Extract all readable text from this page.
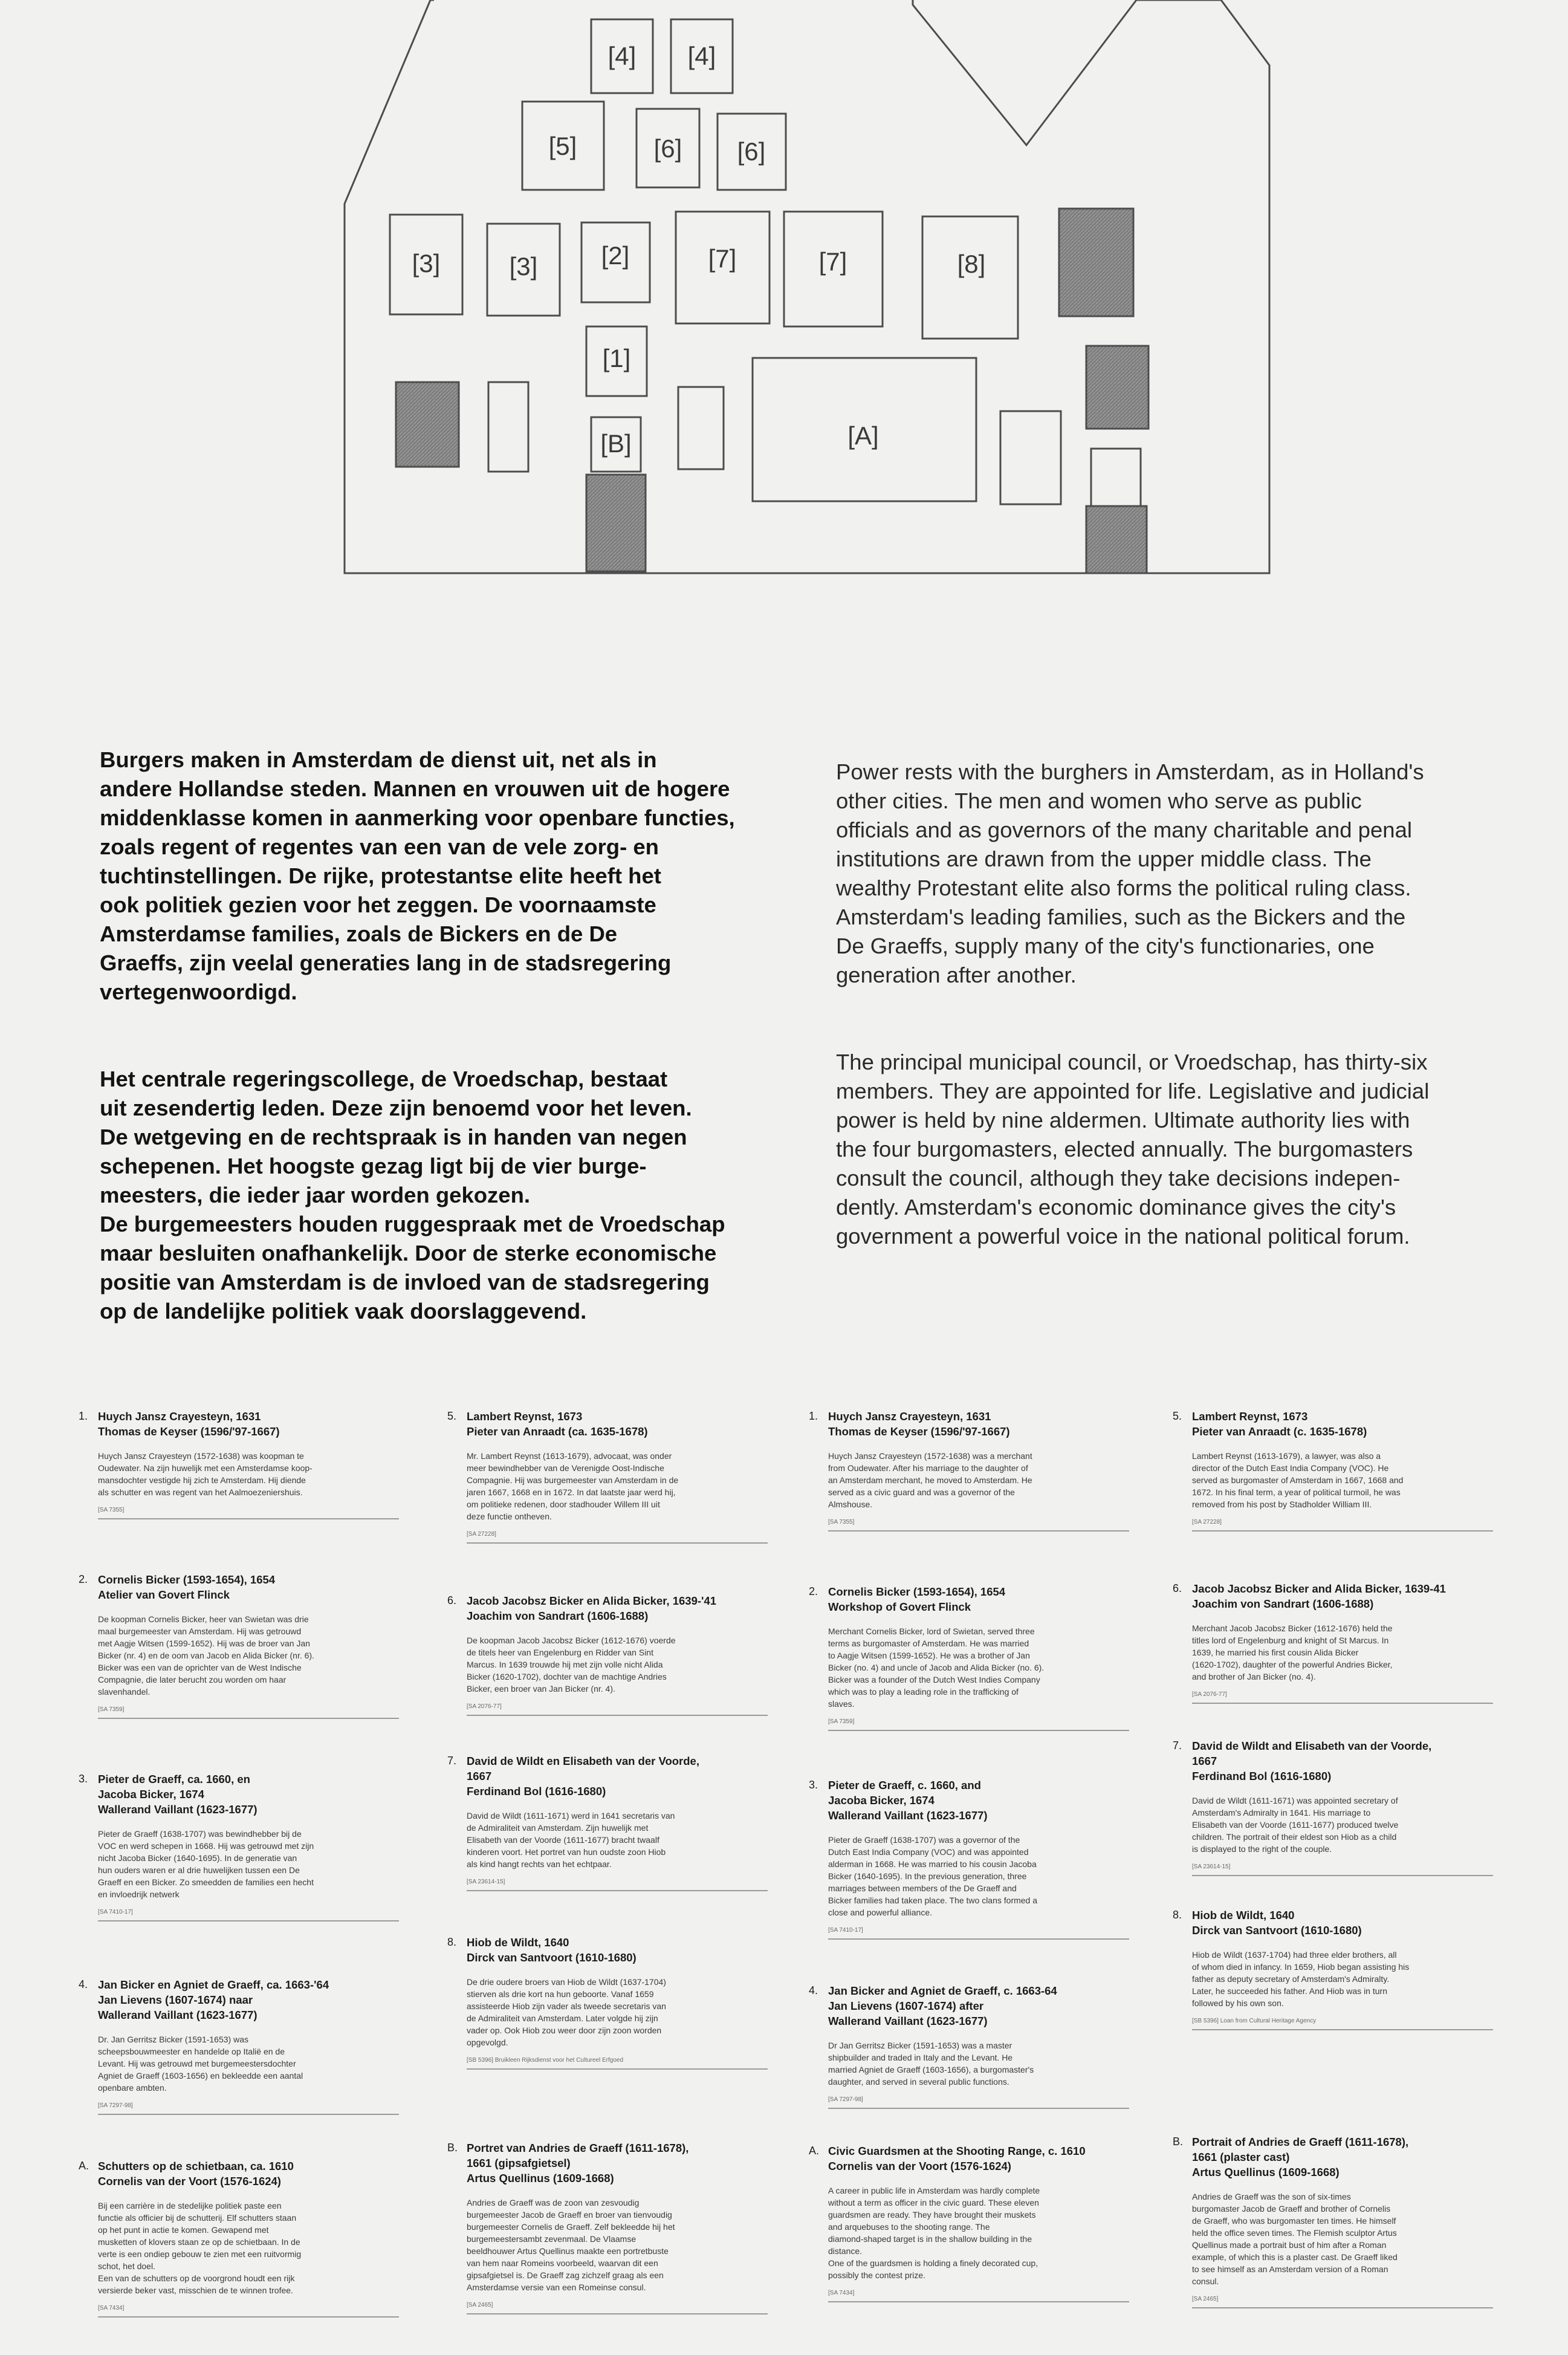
[4] [4]
[5]	[6] [6]
[3]	[3]	[2]	[7]	[7]	[8]
[1]
[B]	[A]

Burgers maken in Amsterdam de dienst uit, net als in
andere Hollandse steden. Mannen en vrouwen uit de hogere
middenklasse komen in aanmerking voor openbare functies,
zoals regent of regentes van een van de vele zorg- en
tuchtinstellingen. De rijke, protestantse elite heeft het
ook politiek gezien voor het zeggen. De voornaamste
Amsterdamse families, zoals de Bickers en de De
Graeffs, zijn veelal generaties lang in de stadsregering
vertegenwoordigd.

Het centrale regeringscollege, de Vroedschap, bestaat
uit zesendertig leden. Deze zijn benoemd voor het leven.
De wetgeving en de rechtspraak is in handen van negen
schepenen. Het hoogste gezag ligt bij de vier burge-
meesters, die ieder jaar worden gekozen.
De burgemeesters houden ruggespraak met de Vroedschap
maar besluiten onafhankelijk. Door de sterke economische
positie van Amsterdam is de invloed van de stadsregering
op de landelijke politiek vaak doorslaggevend.

Power rests with the burghers in Amsterdam, as in Holland's
other cities. The men and women who serve as public
officials and as governors of the many charitable and penal
institutions are drawn from the upper middle class. The
wealthy Protestant elite also forms the political ruling class.
Amsterdam's leading families, such as the Bickers and the
De Graeffs, supply many of the city's functionaries, one
generation after another.

The principal municipal council, or Vroedschap, has thirty-six
members. They are appointed for life. Legislative and judicial
power is held by nine aldermen. Ultimate authority lies with
the four burgomasters, elected annually. The burgomasters
consult the council, although they take decisions indepen-
dently. Amsterdam's economic dominance gives the city's
government a powerful voice in the national political forum.

1. Huych Jansz Crayesteyn, 1631
Thomas de Keyser (1596/'97-1667)
Huych Jansz Crayesteyn (1572-1638) was koopman te
Oudewater. Na zijn huwelijk met een Amsterdamse koop-
mansdochter vestigde hij zich te Amsterdam. Hij diende
als schutter en was regent van het Aalmoezeniershuis.
[SA 7355]
2. Cornelis Bicker (1593-1654), 1654
Atelier van Govert Flinck
De koopman Cornelis Bicker, heer van Swietan was drie
maal burgemeester van Amsterdam. Hij was getrouwd
met Aagje Witsen (1599-1652). Hij was de broer van Jan
Bicker (nr. 4) en de oom van Jacob en Alida Bicker (nr. 6).
Bicker was een van de oprichter van de West Indische
Compagnie, die later berucht zou worden om haar
slavenhandel.
[SA 7359]
3. Pieter de Graeff, ca. 1660, en
Jacoba Bicker, 1674
Wallerand Vaillant (1623-1677)
Pieter de Graeff (1638-1707) was bewindhebber bij de
VOC en werd schepen in 1668. Hij was getrouwd met zijn
nicht Jacoba Bicker (1640-1695). In de generatie van
hun ouders waren er al drie huwelijken tussen een De
Graeff en een Bicker. Zo smeedden de families een hecht
en invloedrijk netwerk
[SA 7410-17]
4. Jan Bicker en Agniet de Graeff, ca. 1663-'64
Jan Lievens (1607-1674) naar
Wallerand Vaillant (1623-1677)
Dr. Jan Gerritsz Bicker (1591-1653) was
scheepsbouwmeester en handelde op Italië en de
Levant. Hij was getrouwd met burgemeestersdochter
Agniet de Graeff (1603-1656) en bekleedde een aantal
openbare ambten.
[SA 7297-98]
A. Schutters op de schietbaan, ca. 1610
Cornelis van der Voort (1576-1624)
Bij een carrière in de stedelijke politiek paste een
functie als officier bij de schutterij. Elf schutters staan
op het punt in actie te komen. Gewapend met
musketten of klovers staan ze op de schietbaan. In de
verte is een ondiep gebouw te zien met een ruitvormig
schot, het doel.
Een van de schutters op de voorgrond houdt een rijk
versierde beker vast, misschien de te winnen trofee.
[SA 7434]
5. Lambert Reynst, 1673
Pieter van Anraadt (ca. 1635-1678)
Mr. Lambert Reynst (1613-1679), advocaat, was onder
meer bewindhebber van de Verenigde Oost-Indische
Compagnie. Hij was burgemeester van Amsterdam in de
jaren 1667, 1668 en in 1672. In dat laatste jaar werd hij,
om politieke redenen, door stadhouder Willem III uit
deze functie ontheven.
[SA 27228]
6. Jacob Jacobsz Bicker en Alida Bicker, 1639-'41
Joachim von Sandrart (1606-1688)
De koopman Jacob Jacobsz Bicker (1612-1676) voerde
de titels heer van Engelenburg en Ridder van Sint
Marcus. In 1639 trouwde hij met zijn volle nicht Alida
Bicker (1620-1702), dochter van de machtige Andries
Bicker, een broer van Jan Bicker (nr. 4).
[SA 2076-77]
7. David de Wildt en Elisabeth van der Voorde,
1667
Ferdinand Bol (1616-1680)
David de Wildt (1611-1671) werd in 1641 secretaris van
de Admiraliteit van Amsterdam. Zijn huwelijk met
Elisabeth van der Voorde (1611-1677) bracht twaalf
kinderen voort. Het portret van hun oudste zoon Hiob
als kind hangt rechts van het echtpaar.
[SA 23614-15]
8. Hiob de Wildt, 1640
Dirck van Santvoort (1610-1680)
De drie oudere broers van Hiob de Wildt (1637-1704)
stierven als drie kort na hun geboorte. Vanaf 1659
assisteerde Hiob zijn vader als tweede secretaris van
de Admiraliteit van Amsterdam. Later volgde hij zijn
vader op. Ook Hiob zou weer door zijn zoon worden
opgevolgd.
[SB 5396] Bruikleen Rijksdienst voor het Cultureel Erfgoed
B. Portret van Andries de Graeff (1611-1678),
1661 (gipsafgietsel)
Artus Quellinus (1609-1668)
Andries de Graeff was de zoon van zesvoudig
burgemeester Jacob de Graeff en broer van tienvoudig
burgemeester Cornelis de Graeff. Zelf bekleedde hij het
burgemeestersambt zevenmaal. De Vlaamse
beeldhouwer Artus Quellinus maakte een portretbuste
van hem naar Romeins voorbeeld, waarvan dit een
gipsafgietsel is. De Graeff zag zichzelf graag als een
Amsterdamse versie van een Romeinse consul.
[SA 2465]
1. Huych Jansz Crayesteyn, 1631
Thomas de Keyser (1596/'97-1667)
Huych Jansz Crayesteyn (1572-1638) was a merchant
from Oudewater. After his marriage to the daughter of
an Amsterdam merchant, he moved to Amsterdam. He
served as a civic guard and was a governor of the
Almshouse.
[SA 7355]
2. Cornelis Bicker (1593-1654), 1654
Workshop of Govert Flinck
Merchant Cornelis Bicker, lord of Swietan, served three
terms as burgomaster of Amsterdam. He was married
to Aagje Witsen (1599-1652). He was a brother of Jan
Bicker (no. 4) and uncle of Jacob and Alida Bicker (no. 6).
Bicker was a founder of the Dutch West Indies Company
which was to play a leading role in the trafficking of
slaves.
[SA 7359]
3. Pieter de Graeff, c. 1660, and
Jacoba Bicker, 1674
Wallerand Vaillant (1623-1677)
Pieter de Graeff (1638-1707) was a governor of the
Dutch East India Company (VOC) and was appointed
alderman in 1668. He was married to his cousin Jacoba
Bicker (1640-1695). In the previous generation, three
marriages between members of the De Graeff and
Bicker families had taken place. The two clans formed a
close and powerful alliance.
[SA 7410-17]
4. Jan Bicker and Agniet de Graeff, c. 1663-64
Jan Lievens (1607-1674) after
Wallerand Vaillant (1623-1677)
Dr Jan Gerritsz Bicker (1591-1653) was a master
shipbuilder and traded in Italy and the Levant. He
married Agniet de Graeff (1603-1656), a burgomaster's
daughter, and served in several public functions.
[SA 7297-98]
A. Civic Guardsmen at the Shooting Range, c. 1610
Cornelis van der Voort (1576-1624)
A career in public life in Amsterdam was hardly complete
without a term as officer in the civic guard. These eleven
guardsmen are ready. They have brought their muskets
and arquebuses to the shooting range. The
diamond-shaped target is in the shallow building in the
distance.
One of the guardsmen is holding a finely decorated cup,
possibly the contest prize.
[SA 7434]
5. Lambert Reynst, 1673
Pieter van Anraadt (c. 1635-1678)
Lambert Reynst (1613-1679), a lawyer, was also a
director of the Dutch East India Company (VOC). He
served as burgomaster of Amsterdam in 1667, 1668 and
1672. In his final term, a year of political turmoil, he was
removed from his post by Stadholder William III.
[SA 27228]
6. Jacob Jacobsz Bicker and Alida Bicker, 1639-41
Joachim von Sandrart (1606-1688)
Merchant Jacob Jacobsz Bicker (1612-1676) held the
titles lord of Engelenburg and knight of St Marcus. In
1639, he married his first cousin Alida Bicker
(1620-1702), daughter of the powerful Andries Bicker,
and brother of Jan Bicker (no. 4).
[SA 2076-77]
7. David de Wildt and Elisabeth van der Voorde,
1667
Ferdinand Bol (1616-1680)
David de Wildt (1611-1671) was appointed secretary of
Amsterdam's Admiralty in 1641. His marriage to
Elisabeth van der Voorde (1611-1677) produced twelve
children. The portrait of their eldest son Hiob as a child
is displayed to the right of the couple.
[SA 23614-15]
8. Hiob de Wildt, 1640
Dirck van Santvoort (1610-1680)
Hiob de Wildt (1637-1704) had three elder brothers, all
of whom died in infancy. In 1659, Hiob began assisting his
father as deputy secretary of Amsterdam's Admiralty.
Later, he succeeded his father. And Hiob was in turn
followed by his own son.
[SB 5396] Loan from Cultural Heritage Agency
B. Portrait of Andries de Graeff (1611-1678),
1661 (plaster cast)
Artus Quellinus (1609-1668)
Andries de Graeff was the son of six-times
burgomaster Jacob de Graeff and brother of Cornelis
de Graeff, who was burgomaster ten times. He himself
held the office seven times. The Flemish sculptor Artus
Quellinus made a portrait bust of him after a Roman
example, of which this is a plaster cast. De Graeff liked
to see himself as an Amsterdam version of a Roman
consul.
[SA 2465]
